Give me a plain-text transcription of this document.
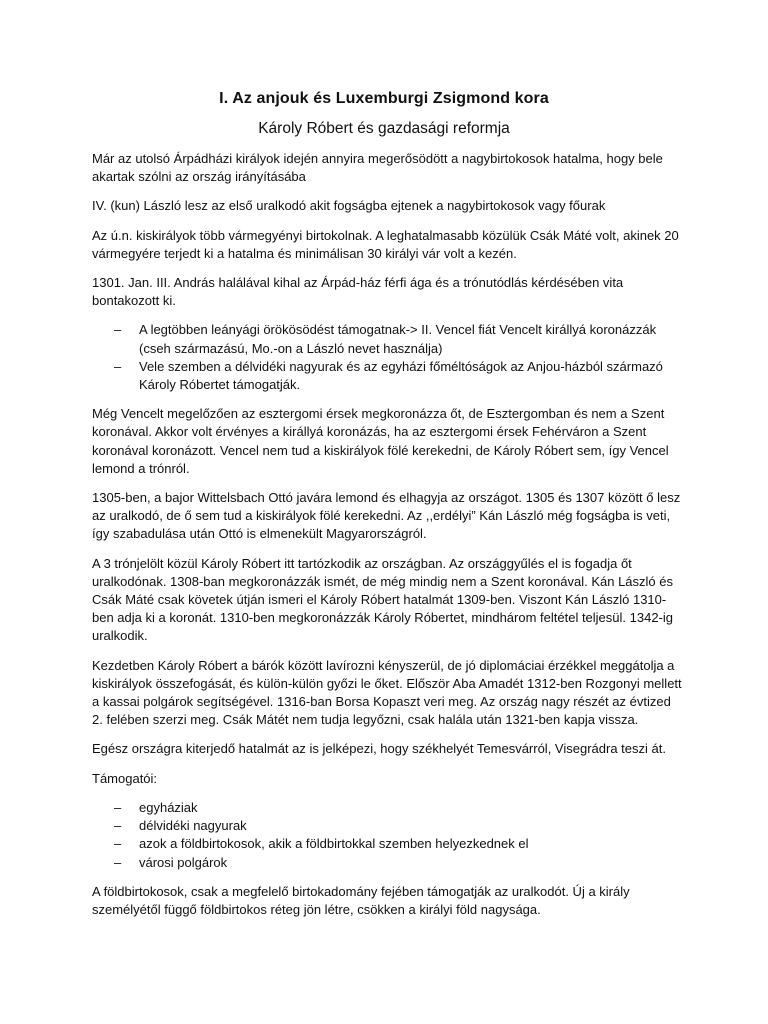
I. Az anjouk és Luxemburgi Zsigmond kora
Károly Róbert és gazdasági reformja

Már az utolsó Árpádházi királyok idején annyira megerősödött a nagybirtokosok hatalma, hogy bele akartak szólni az ország irányításába

IV. (kun) László lesz az első uralkodó akit fogságba ejtenek a nagybirtokosok vagy főurak

Az ú.n. kiskirályok több vármegyényi birtokolnak. A leghatalmasabb közülük Csák Máté volt, akinek 20 vármegyére terjedt ki a hatalma és minimálisan 30 királyi vár volt a kezén.

1301. Jan. III. András halálával kihal az Árpád-ház férfi ága és a trónutódlás kérdésében vita bontakozott ki.

– A legtöbben leányági örökösödést támogatnak-> II. Vencel fiát Vencelt királlyá koronázzák (cseh származású, Mo.-on a László nevet használja)
– Vele szemben a délvidéki nagyurak és az egyházi főméltóságok az Anjou-házból származó Károly Róbertet támogatják.

Még Vencelt megelőzően az esztergomi érsek megkoronázza őt, de Esztergomban és nem a Szent koronával. Akkor volt érvényes a királlyá koronázás, ha az esztergomi érsek Fehérváron a Szent koronával koronázott. Vencel nem tud a kiskirályok fölé kerekedni, de Károly Róbert sem, így Vencel lemond a trónról.

1305-ben, a bajor Wittelsbach Ottó javára lemond és elhagyja az országot. 1305 és 1307 között ő lesz az uralkodó, de ő sem tud a kiskirályok fölé kerekedni. Az ,,erdélyi” Kán László még fogságba is veti, így szabadulása után Ottó is elmenekült Magyarországról.

A 3 trónjelölt közül Károly Róbert itt tartózkodik az országban. Az országgyűlés el is fogadja őt uralkodónak. 1308-ban megkoronázzák ismét, de még mindig nem a Szent koronával. Kán László és Csák Máté csak követek útján ismeri el Károly Róbert hatalmát 1309-ben. Viszont Kán László 1310-ben adja ki a koronát. 1310-ben megkoronázzák Károly Róbertet, mindhárom feltétel teljesül. 1342-ig uralkodik.

Kezdetben Károly Róbert a bárók között lavírozni kényszerül, de jó diplomáciai érzékkel meggátolja a kiskirályok összefogását, és külön-külön győzi le őket. Először Aba Amadét 1312-ben Rozgonyi mellett a kassai polgárok segítségével. 1316-ban Borsa Kopaszt veri meg. Az ország nagy részét az évtized 2. felében szerzi meg. Csák Mátét nem tudja legyőzni, csak halála után 1321-ben kapja vissza.

Egész országra kiterjedő hatalmát az is jelképezi, hogy székhelyét Temesvárról, Visegrádra teszi át.

Támogatói:

– egyháziak
– délvidéki nagyurak
– azok a földbirtokosok, akik a földbirtokkal szemben helyezkednek el
– városi polgárok

A földbirtokosok, csak a megfelelő birtokadomány fejében támogatják az uralkodót. Új a király személyétől függő földbirtokos réteg jön létre, csökken a királyi föld nagysága.
